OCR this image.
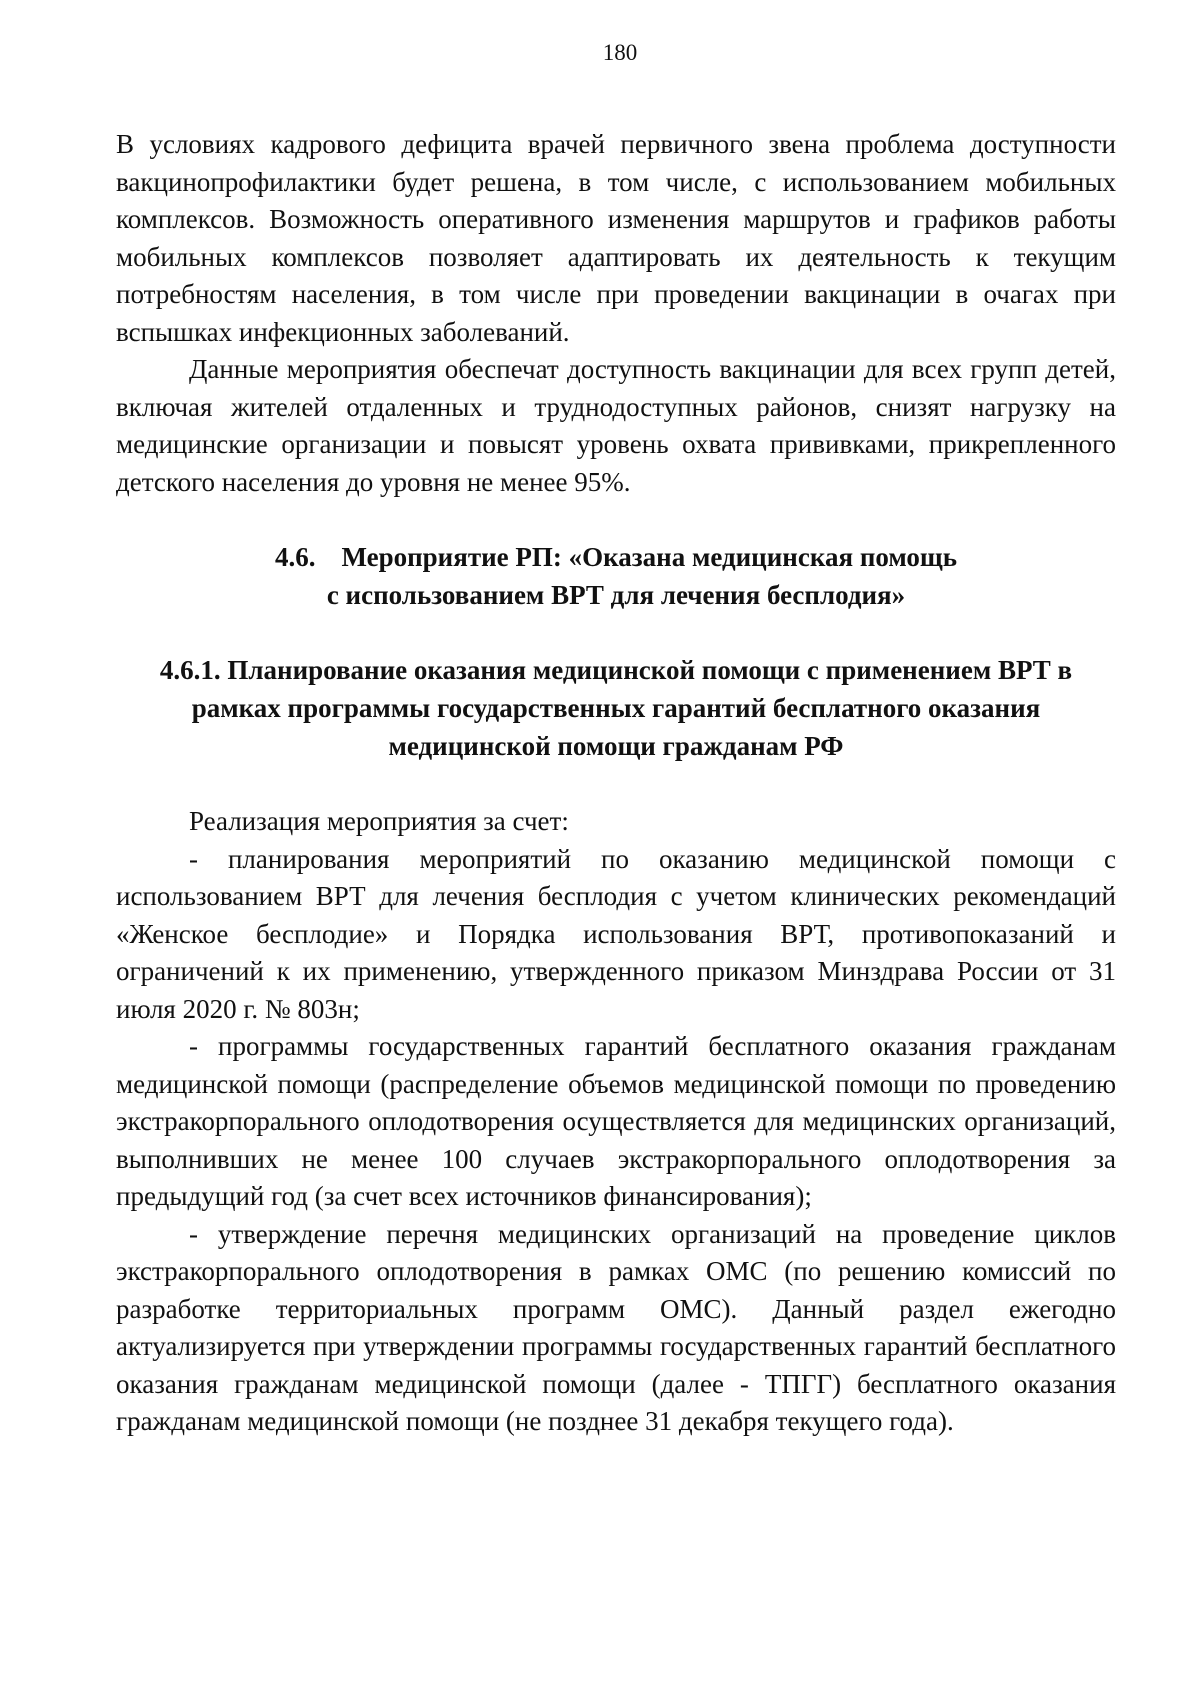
180

В условиях кадрового дефицита врачей первичного звена проблема доступности вакцинопрофилактики будет решена, в том числе, с использованием мобильных комплексов. Возможность оперативного изменения маршрутов и графиков работы мобильных комплексов позволяет адаптировать их деятельность к текущим потребностям населения, в том числе при проведении вакцинации в очагах при вспышках инфекционных заболеваний.

Данные мероприятия обеспечат доступность вакцинации для всех групп детей, включая жителей отдаленных и труднодоступных районов, снизят нагрузку на медицинские организации и повысят уровень охвата прививками, прикрепленного детского населения до уровня не менее 95%.

4.6. Мероприятие РП: «Оказана медицинская помощь
с использованием ВРТ для лечения бесплодия»
4.6.1. Планирование оказания медицинской помощи с применением ВРТ в рамках программы государственных гарантий бесплатного оказания медицинской помощи гражданам РФ

Реализация мероприятия за счет:

- планирования мероприятий по оказанию медицинской помощи с использованием ВРТ для лечения бесплодия с учетом клинических рекомендаций «Женское бесплодие» и Порядка использования ВРТ, противопоказаний и ограничений к их применению, утвержденного приказом Минздрава России от 31 июля 2020 г. № 803н;

- программы государственных гарантий бесплатного оказания гражданам медицинской помощи (распределение объемов медицинской помощи по проведению экстракорпорального оплодотворения осуществляется для медицинских организаций, выполнивших не менее 100 случаев экстракорпорального оплодотворения за предыдущий год (за счет всех источников финансирования);

- утверждение перечня медицинских организаций на проведение циклов экстракорпорального оплодотворения в рамках ОМС (по решению комиссий по разработке территориальных программ ОМС). Данный раздел ежегодно актуализируется при утверждении программы государственных гарантий бесплатного оказания гражданам медицинской помощи (далее - ТПГГ) бесплатного оказания гражданам медицинской помощи (не позднее 31 декабря текущего года).
